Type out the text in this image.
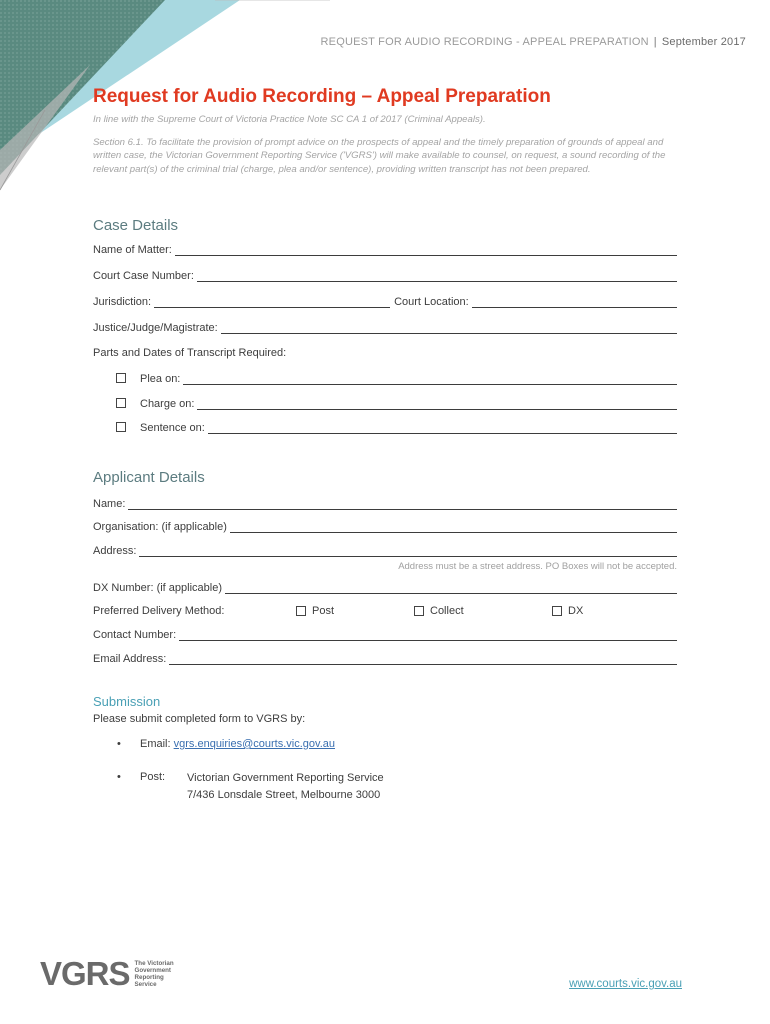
REQUEST FOR AUDIO RECORDING - APPEAL PREPARATION | September 2017
Request for Audio Recording – Appeal Preparation

In line with the Supreme Court of Victoria Practice Note SC CA 1 of 2017 (Criminal Appeals).

Section 6.1. To facilitate the provision of prompt advice on the prospects of appeal and the timely preparation of grounds of appeal and written case, the Victorian Government Reporting Service ('VGRS') will make available to counsel, on request, a sound recording of the relevant part(s) of the criminal trial (charge, plea and/or sentence), providing written transcript has not been prepared.

Case Details
Name of Matter:
Court Case Number:
Jurisdiction:	Court Location:
Justice/Judge/Magistrate:
Parts and Dates of Transcript Required:
Plea on:
Charge on:
Sentence on:
Applicant Details
Name:
Organisation: (if applicable)
Address:
Address must be a street address. PO Boxes will not be accepted.
DX Number: (if applicable)
Preferred Delivery Method:	Post	Collect	DX
Contact Number:
Email Address:
Submission
Please submit completed form to VGRS by:
• Email: vgrs.enquiries@courts.vic.gov.au
• Post: Victorian Government Reporting Service
7/436 Lonsdale Street, Melbourne 3000
VGRS The Victorian
Government
Reporting
Service	www.courts.vic.gov.au
